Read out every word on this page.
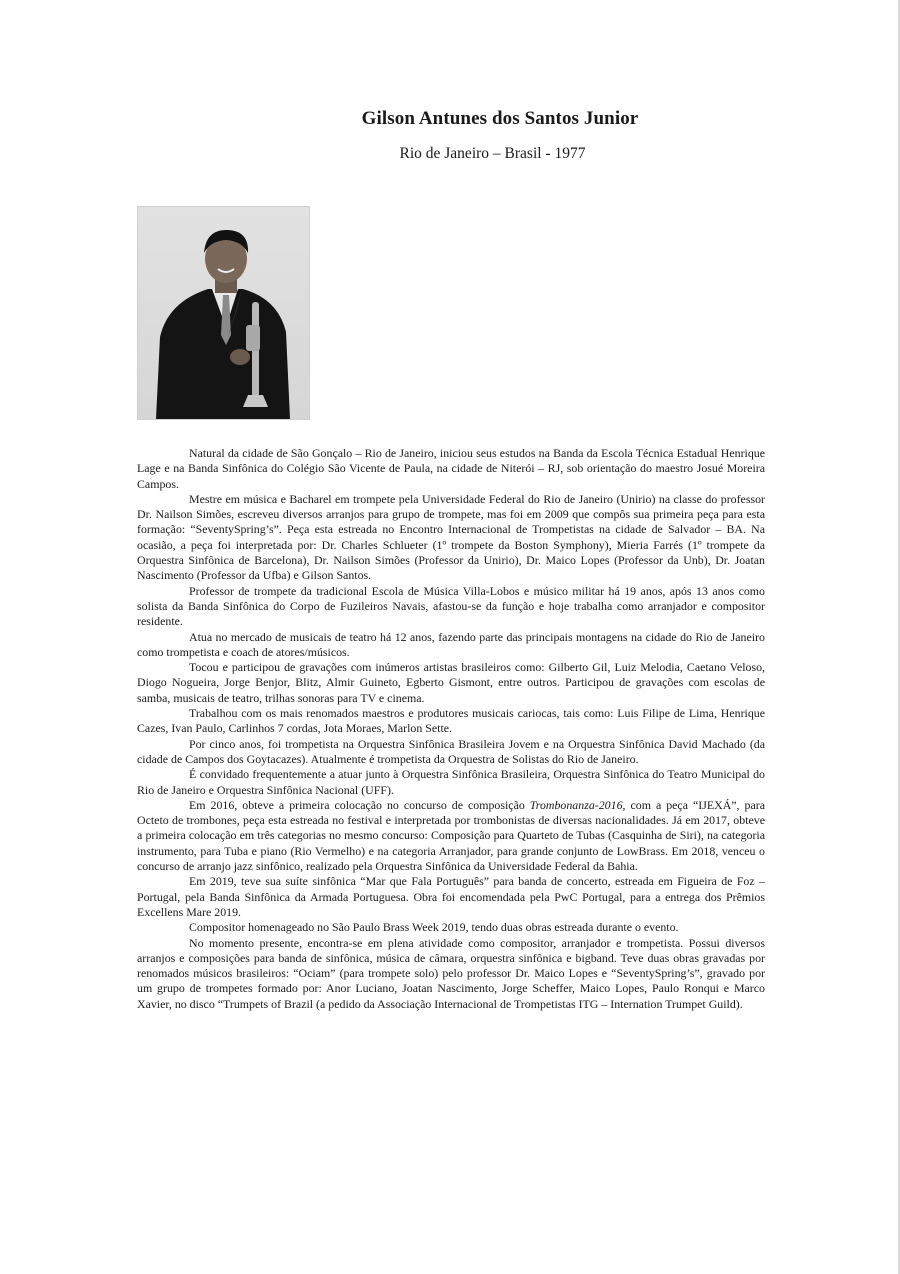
Gilson Antunes dos Santos Junior
Rio de Janeiro – Brasil - 1977

Natural da cidade de São Gonçalo – Rio de Janeiro, iniciou seus estudos na Banda da Escola Técnica Estadual Henrique Lage e na Banda Sinfônica do Colégio São Vicente de Paula, na cidade de Niterói – RJ, sob orientação do maestro Josué Moreira Campos.

Mestre em música e Bacharel em trompete pela Universidade Federal do Rio de Janeiro (Unirio) na classe do professor Dr. Nailson Simões, escreveu diversos arranjos para grupo de trompete, mas foi em 2009 que compôs sua primeira peça para esta formação: “SeventySpring’s”. Peça esta estreada no Encontro Internacional de Trompetistas na cidade de Salvador – BA. Na ocasião, a peça foi interpretada por: Dr. Charles Schlueter (1º trompete da Boston Symphony), Mieria Farrés (1º trompete da Orquestra Sinfônica de Barcelona), Dr. Nailson Simões (Professor da Unirio), Dr. Maico Lopes (Professor da Unb), Dr. Joatan Nascimento (Professor da Ufba) e Gilson Santos.

Professor de trompete da tradicional Escola de Música Villa-Lobos e músico militar há 19 anos, após 13 anos como solista da Banda Sinfônica do Corpo de Fuzileiros Navais, afastou-se da função e hoje trabalha como arranjador e compositor residente.

Atua no mercado de musicais de teatro há 12 anos, fazendo parte das principais montagens na cidade do Rio de Janeiro como trompetista e coach de atores/músicos.

Tocou e participou de gravações com inúmeros artistas brasileiros como: Gilberto Gil, Luiz Melodia, Caetano Veloso, Diogo Nogueira, Jorge Benjor, Blitz, Almir Guineto, Egberto Gismont, entre outros. Participou de gravações com escolas de samba, musicais de teatro, trilhas sonoras para TV e cinema.

Trabalhou com os mais renomados maestros e produtores musicais cariocas, tais como: Luis Filipe de Lima, Henrique Cazes, Ivan Paulo, Carlinhos 7 cordas, Jota Moraes, Marlon Sette.

Por cinco anos, foi trompetista na Orquestra Sinfônica Brasileira Jovem e na Orquestra Sinfônica David Machado (da cidade de Campos dos Goytacazes). Atualmente é trompetista da Orquestra de Solistas do Rio de Janeiro.

É convidado frequentemente a atuar junto à Orquestra Sinfônica Brasileira, Orquestra Sinfônica do Teatro Municipal do Rio de Janeiro e Orquestra Sinfônica Nacional (UFF).

Em 2016, obteve a primeira colocação no concurso de composição Trombonanza-2016, com a peça “IJEXÁ”, para Octeto de trombones, peça esta estreada no festival e interpretada por trombonistas de diversas nacionalidades. Já em 2017, obteve a primeira colocação em três categorias no mesmo concurso: Composição para Quarteto de Tubas (Casquinha de Siri), na categoria instrumento, para Tuba e piano (Rio Vermelho) e na categoria Arranjador, para grande conjunto de LowBrass. Em 2018, venceu o concurso de arranjo jazz sinfônico, realizado pela Orquestra Sinfônica da Universidade Federal da Bahia.

Em 2019, teve sua suíte sinfônica “Mar que Fala Português” para banda de concerto, estreada em Figueira de Foz – Portugal, pela Banda Sinfônica da Armada Portuguesa. Obra foi encomendada pela PwC Portugal, para a entrega dos Prêmios Excellens Mare 2019.

Compositor homenageado no São Paulo Brass Week 2019, tendo duas obras estreada durante o evento.

No momento presente, encontra-se em plena atividade como compositor, arranjador e trompetista. Possui diversos arranjos e composições para banda de sinfônica, música de câmara, orquestra sinfônica e bigband. Teve duas obras gravadas por renomados músicos brasileiros: “Ociam” (para trompete solo) pelo professor Dr. Maico Lopes e “SeventySpring’s”, gravado por um grupo de trompetes formado por: Anor Luciano, Joatan Nascimento, Jorge Scheffer, Maico Lopes, Paulo Ronqui e Marco Xavier, no disco “Trumpets of Brazil (a pedido da Associação Internacional de Trompetistas ITG – Internation Trumpet Guild).
